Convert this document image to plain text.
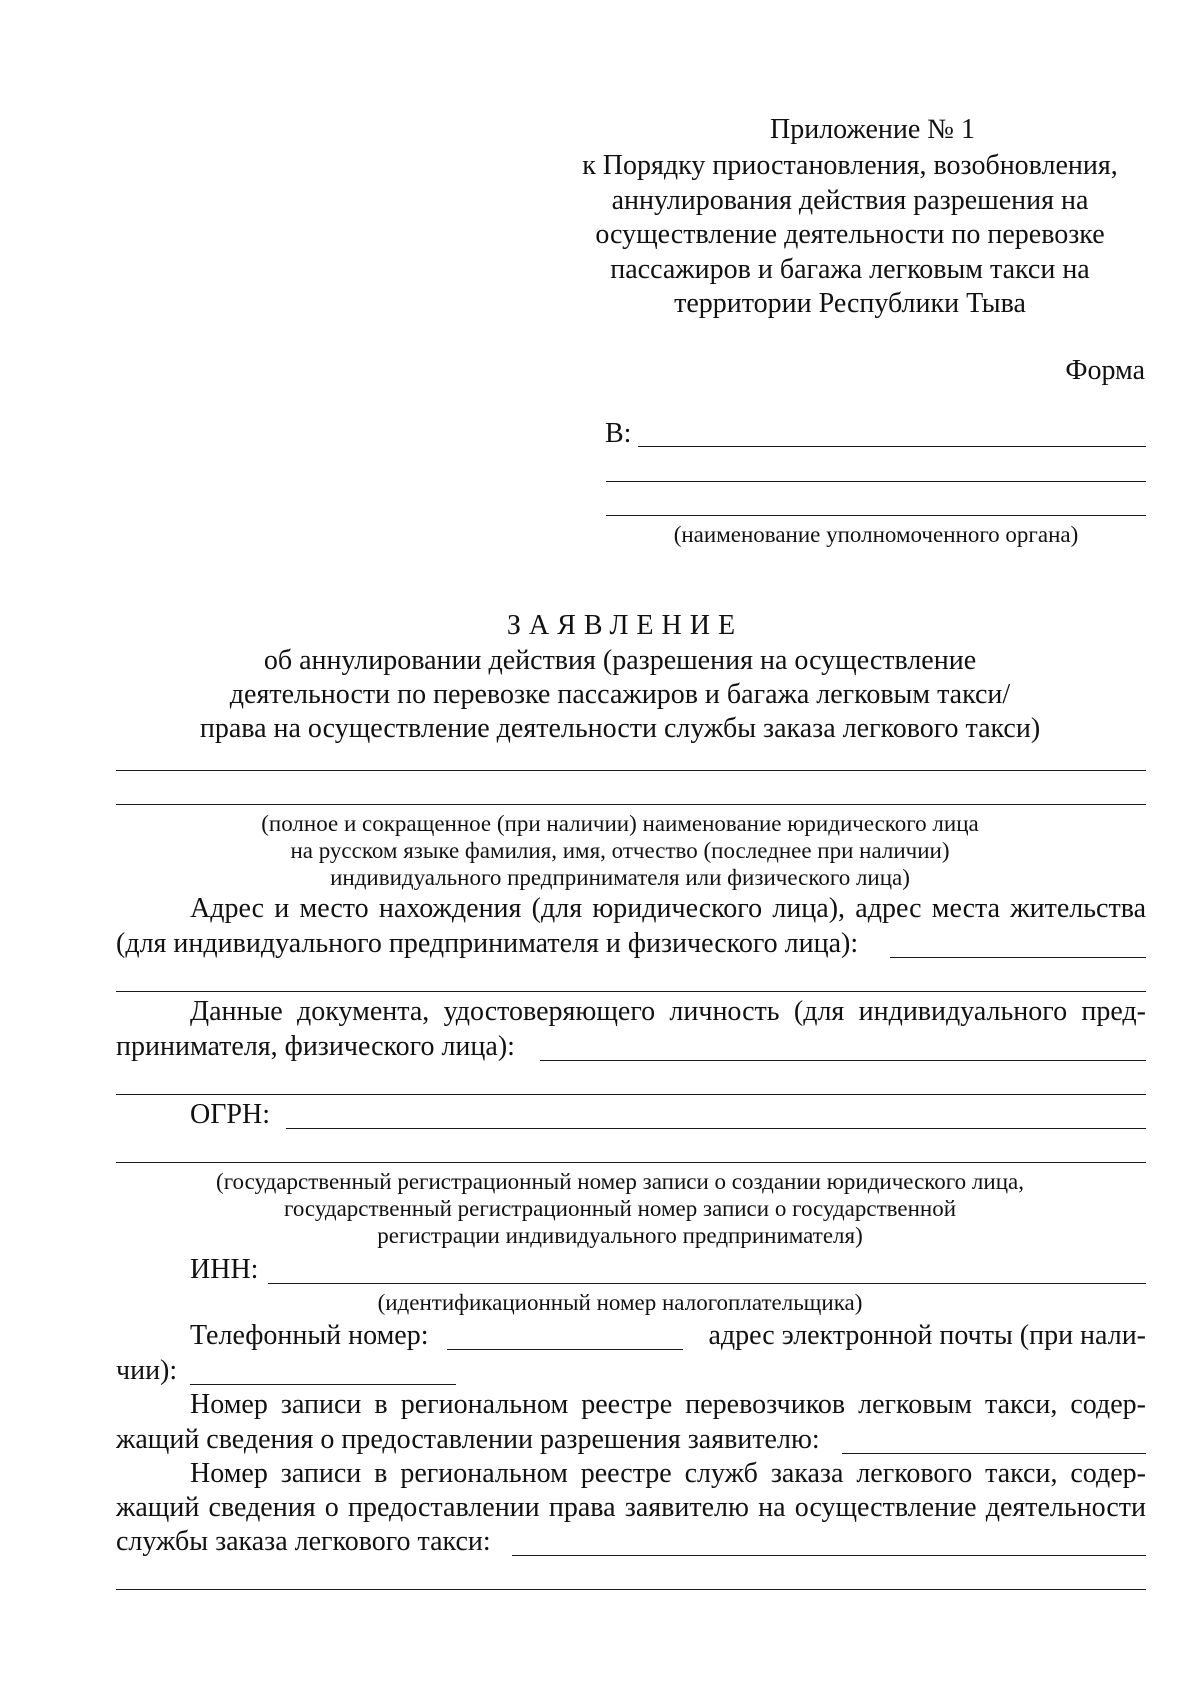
Приложение № 1
к Порядку приостановления, возобновления,
аннулирования действия разрешения на
осуществление деятельности по перевозке
пассажиров и багажа легковым такси на
территории Республики Тыва
Форма
В:
(наименование уполномоченного органа)
ЗАЯВЛЕНИЕ
об аннулировании действия (разрешения на осуществление
деятельности по перевозке пассажиров и багажа легковым такси/
права на осуществление деятельности службы заказа легкового такси)
(полное и сокращенное (при наличии) наименование юридического лица
на русском языке фамилия, имя, отчество (последнее при наличии)
индивидуального предпринимателя или физического лица)
Адрес и место нахождения (для юридического лица), адрес места жительства
(для индивидуального предпринимателя и физического лица):
Данные документа, удостоверяющего личность (для индивидуального пред-
принимателя, физического лица):
ОГРН:
(государственный регистрационный номер записи о создании юридического лица,
государственный регистрационный номер записи о государственной
регистрации индивидуального предпринимателя)
ИНН:
(идентификационный номер налогоплательщика)
Телефонный номер:	адрес электронной почты (при нали-
чии):
Номер записи в региональном реестре перевозчиков легковым такси, содер-
жащий сведения о предоставлении разрешения заявителю:
Номер записи в региональном реестре служб заказа легкового такси, содер-
жащий сведения о предоставлении права заявителю на осуществление деятельности
службы заказа легкового такси:
